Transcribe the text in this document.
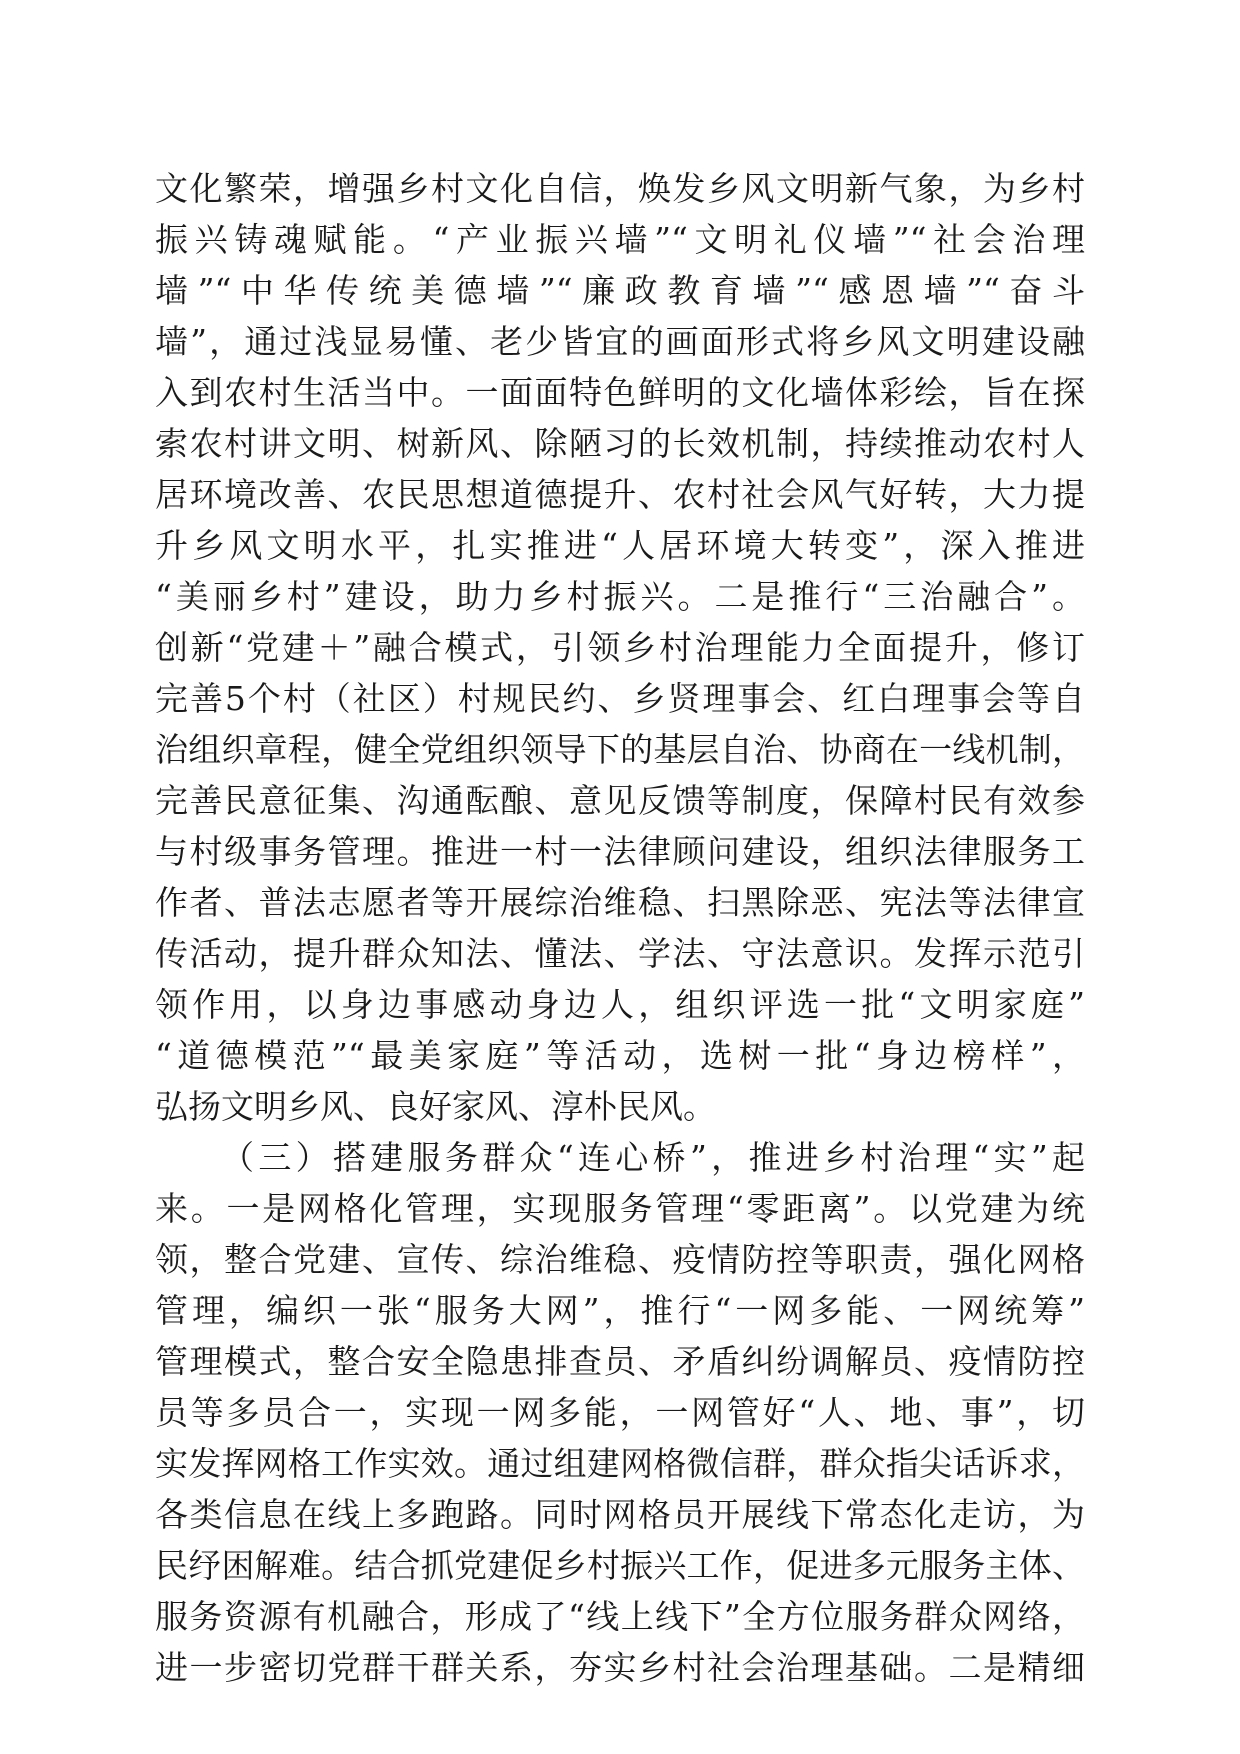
文化繁荣，增强乡村文化自信，焕发乡风文明新气象，为乡村
振兴铸魂赋能。“产业振兴墙”“文明礼仪墙”“社会治理
墙”“中华传统美德墙”“廉政教育墙”“感恩墙”“奋斗
墙”，通过浅显易懂、老少皆宜的画面形式将乡风文明建设融
入到农村生活当中。一面面特色鲜明的文化墙体彩绘，旨在探
索农村讲文明、树新风、除陋习的长效机制，持续推动农村人
居环境改善、农民思想道德提升、农村社会风气好转，大力提
升乡风文明水平，扎实推进“人居环境大转变”，深入推进
“美丽乡村”建设，助力乡村振兴。二是推行“三治融合”。
创新“党建＋”融合模式，引领乡村治理能力全面提升，修订
完善5个村（社区）村规民约、乡贤理事会、红白理事会等自
治组织章程，健全党组织领导下的基层自治、协商在一线机制，
完善民意征集、沟通酝酿、意见反馈等制度，保障村民有效参
与村级事务管理。推进一村一法律顾问建设，组织法律服务工
作者、普法志愿者等开展综治维稳、扫黑除恶、宪法等法律宣
传活动，提升群众知法、懂法、学法、守法意识。发挥示范引
领作用，以身边事感动身边人，组织评选一批“文明家庭”
“道德模范”“最美家庭”等活动，选树一批“身边榜样”，
弘扬文明乡风、良好家风、淳朴民风。
（三）搭建服务群众“连心桥”，推进乡村治理“实”起
来。一是网格化管理，实现服务管理“零距离”。以党建为统
领，整合党建、宣传、综治维稳、疫情防控等职责，强化网格
管理，编织一张“服务大网”，推行“一网多能、一网统筹”
管理模式，整合安全隐患排查员、矛盾纠纷调解员、疫情防控
员等多员合一，实现一网多能，一网管好“人、地、事”，切
实发挥网格工作实效。通过组建网格微信群，群众指尖话诉求，
各类信息在线上多跑路。同时网格员开展线下常态化走访，为
民纾困解难。结合抓党建促乡村振兴工作，促进多元服务主体、
服务资源有机融合，形成了“线上线下”全方位服务群众网络，
进一步密切党群干群关系，夯实乡村社会治理基础。二是精细
